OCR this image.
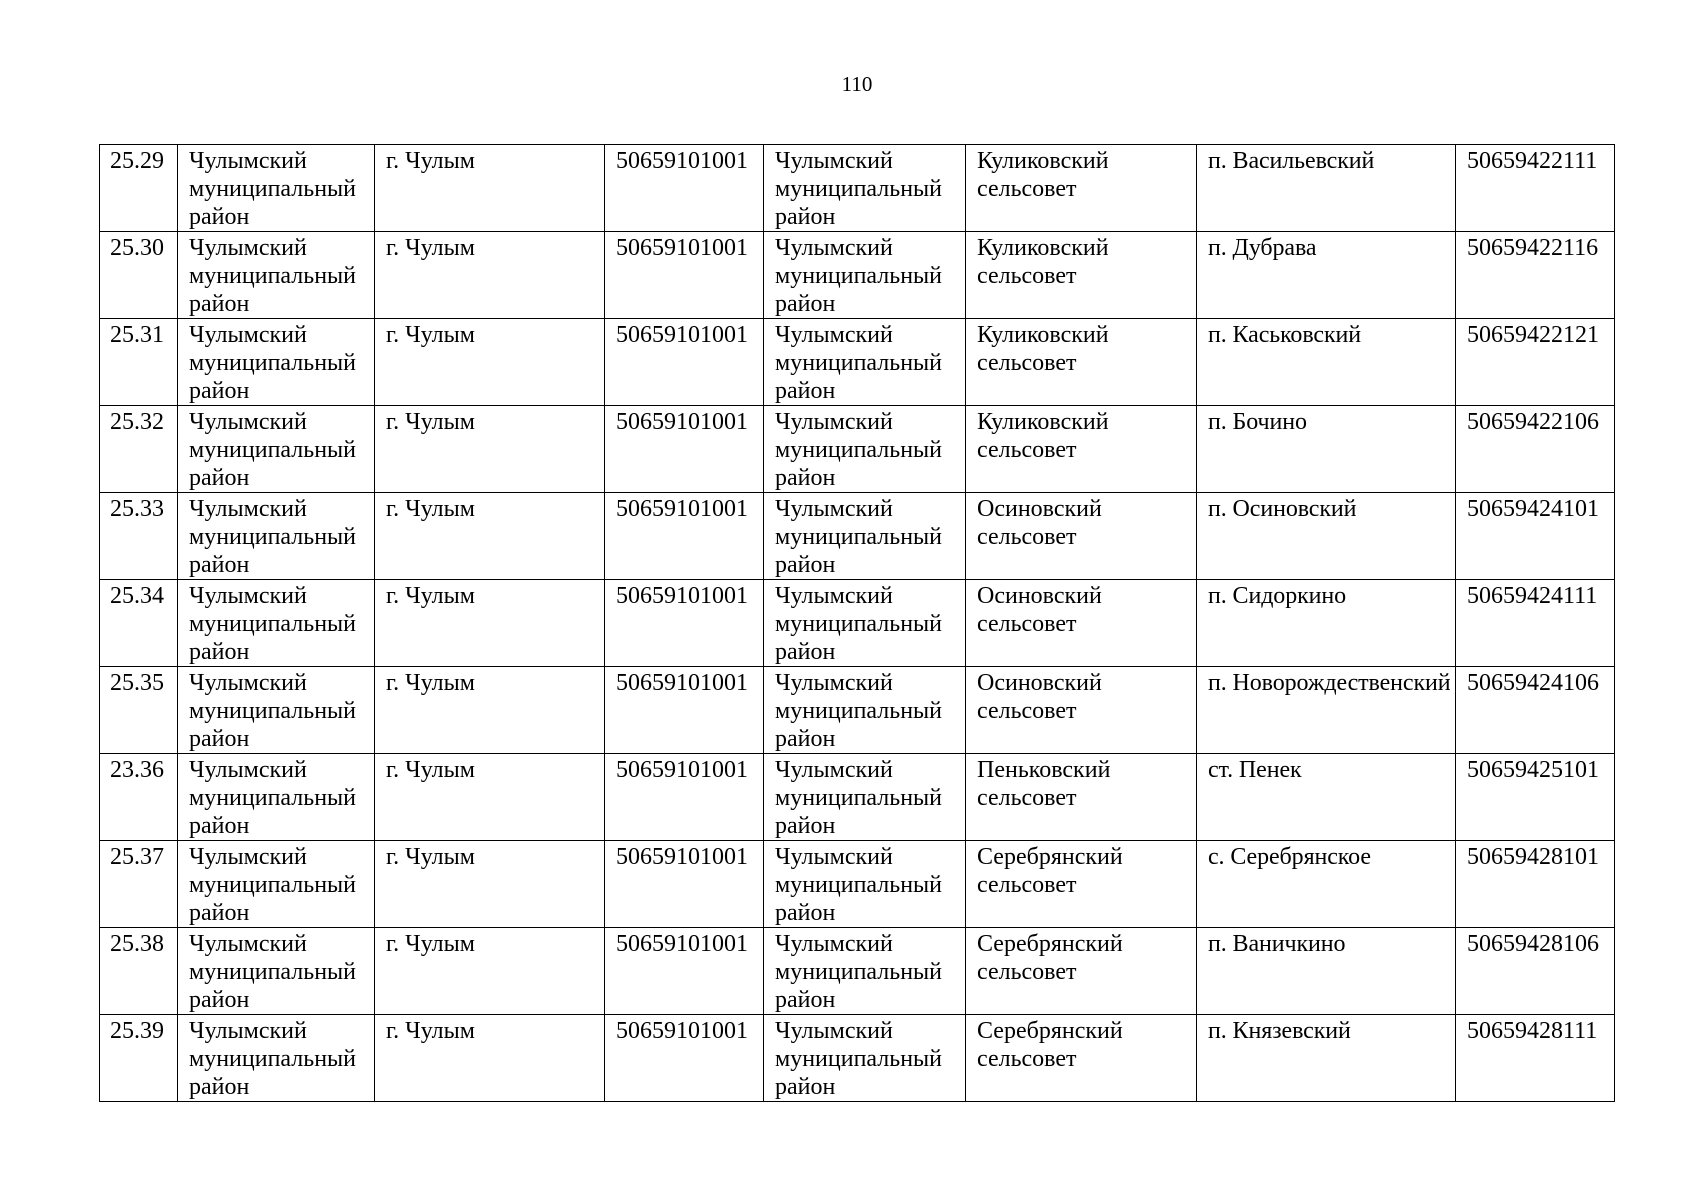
110
25.29	Чулымский муниципальный район	г. Чулым	50659101001	Чулымский муниципальный район	Куликовский сельсовет	п. Васильевский	50659422111

25.30	Чулымский муниципальный район	г. Чулым	50659101001	Чулымский муниципальный район	Куликовский сельсовет	п. Дубрава	50659422116

25.31	Чулымский муниципальный район	г. Чулым	50659101001	Чулымский муниципальный район	Куликовский сельсовет	п. Каськовский	50659422121

25.32	Чулымский муниципальный район	г. Чулым	50659101001	Чулымский муниципальный район	Куликовский сельсовет	п. Бочино	50659422106

25.33	Чулымский муниципальный район	г. Чулым	50659101001	Чулымский муниципальный район	Осиновский сельсовет	п. Осиновский	50659424101

25.34	Чулымский муниципальный район	г. Чулым	50659101001	Чулымский муниципальный район	Осиновский сельсовет	п. Сидоркино	50659424111

25.35	Чулымский муниципальный район	г. Чулым	50659101001	Чулымский муниципальный район	Осиновский сельсовет	п. Новорождественский	50659424106

23.36	Чулымский муниципальный район	г. Чулым	50659101001	Чулымский муниципальный район	Пеньковский сельсовет	ст. Пенек	50659425101

25.37	Чулымский муниципальный район	г. Чулым	50659101001	Чулымский муниципальный район	Серебрянский сельсовет	с. Серебрянское	50659428101

25.38	Чулымский муниципальный район	г. Чулым	50659101001	Чулымский муниципальный район	Серебрянский сельсовет	п. Ваничкино	50659428106

25.39	Чулымский муниципальный район	г. Чулым	50659101001	Чулымский муниципальный район	Серебрянский сельсовет	п. Князевский	50659428111
